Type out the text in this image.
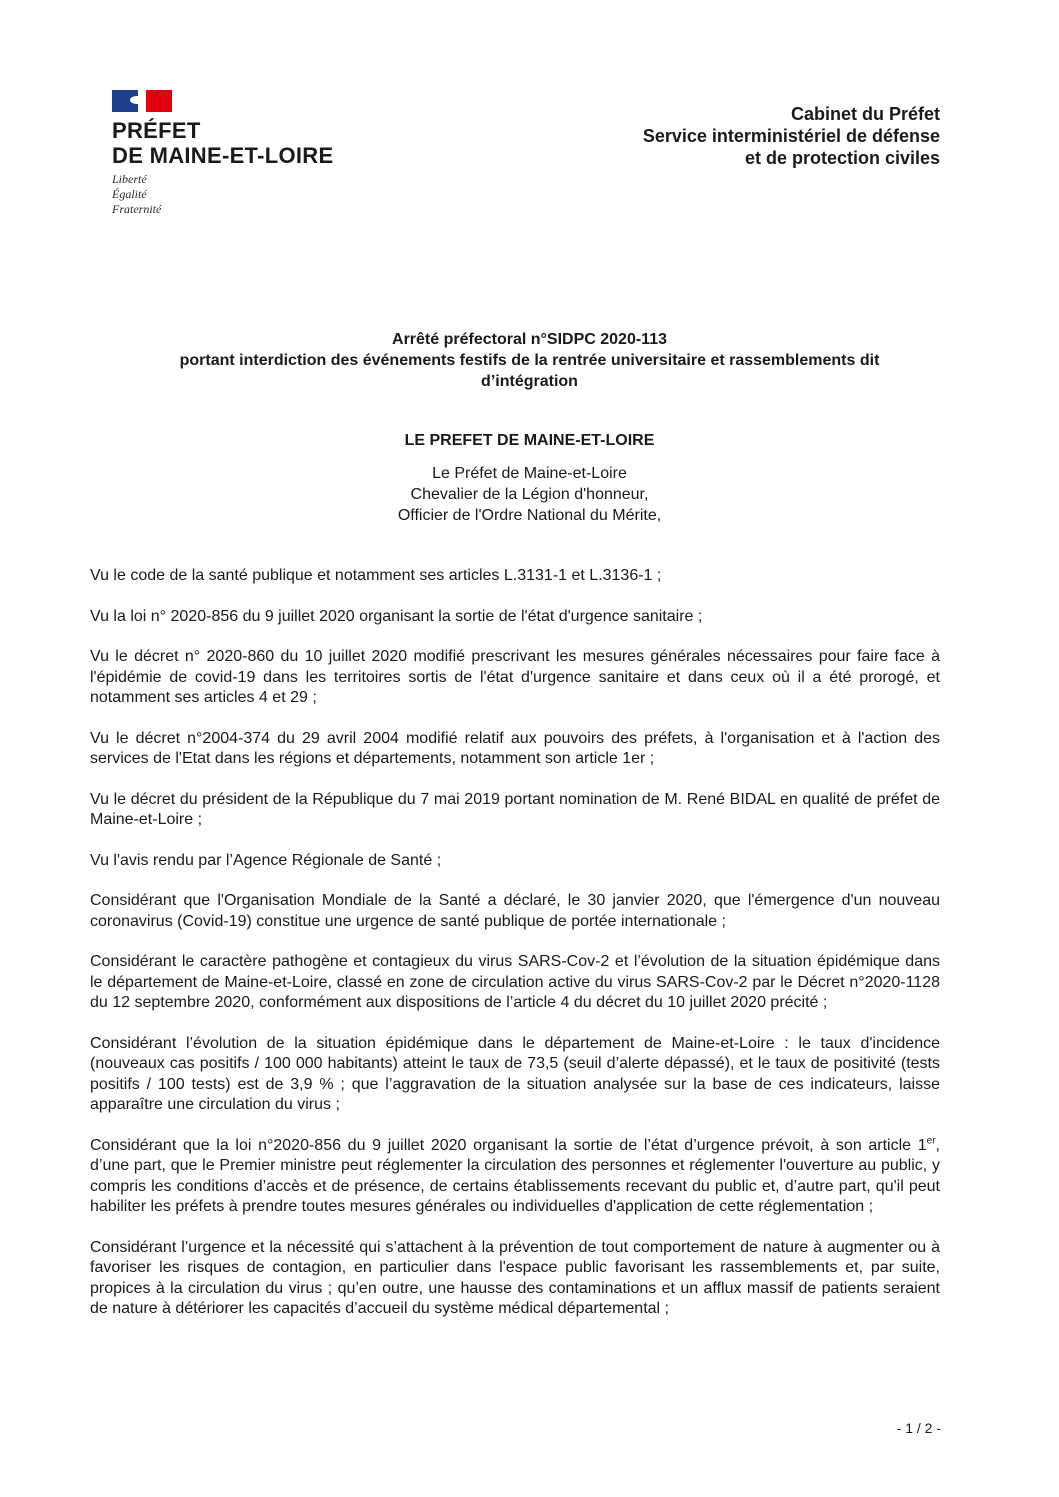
PRÉFET
DE MAINE-ET-LOIRE
Liberté
Égalité
Fraternité
Cabinet du Préfet
Service interministériel de défense
et de protection civiles
Arrêté préfectoral n°SIDPC 2020-113
portant interdiction des événements festifs de la rentrée universitaire et rassemblements dit
d’intégration
LE PREFET DE MAINE-ET-LOIRE
Le Préfet de Maine-et-Loire
Chevalier de la Légion d'honneur,
Officier de l'Ordre National du Mérite,

Vu le code de la santé publique et notamment ses articles L.3131-1 et L.3136-1 ;

Vu la loi n° 2020-856 du 9 juillet 2020 organisant la sortie de l'état d'urgence sanitaire ;

Vu le décret n° 2020-860 du 10 juillet 2020 modifié prescrivant les mesures générales nécessaires pour faire face à l'épidémie de covid-19 dans les territoires sortis de l'état d'urgence sanitaire et dans ceux où il a été prorogé, et notamment ses articles 4 et 29 ;

Vu le décret n°2004-374 du 29 avril 2004 modifié relatif aux pouvoirs des préfets, à l'organisation et à l'action des services de l'Etat dans les régions et départements, notamment son article 1er ;

Vu le décret du président de la République du 7 mai 2019 portant nomination de M. René BIDAL en qualité de préfet de Maine-et-Loire ;

Vu l'avis rendu par l’Agence Régionale de Santé ;

Considérant que l'Organisation Mondiale de la Santé a déclaré, le 30 janvier 2020, que l'émergence d'un nouveau coronavirus (Covid-19) constitue une urgence de santé publique de portée internationale ;

Considérant le caractère pathogène et contagieux du virus SARS-Cov-2 et l’évolution de la situation épidémique dans le département de Maine-et-Loire, classé en zone de circulation active du virus SARS-Cov-2 par le Décret n°2020-1128 du 12 septembre 2020, conformément aux dispositions de l’article 4 du décret du 10 juillet 2020 précité ;

Considérant l’évolution de la situation épidémique dans le département de Maine-et-Loire : le taux d'incidence (nouveaux cas positifs / 100 000 habitants) atteint le taux de 73,5 (seuil d’alerte dépassé), et le taux de positivité (tests positifs / 100 tests) est de 3,9 % ; que l’aggravation de la situation analysée sur la base de ces indicateurs, laisse apparaître une circulation du virus ;

Considérant que la loi n°2020-856 du 9 juillet 2020 organisant la sortie de l’état d’urgence prévoit, à son article 1er, d’une part, que le Premier ministre peut réglementer la circulation des personnes et réglementer l'ouverture au public, y compris les conditions d’accès et de présence, de certains établissements recevant du public et, d’autre part, qu'il peut habiliter les préfets à prendre toutes mesures générales ou individuelles d'application de cette réglementation ;

Considérant l’urgence et la nécessité qui s’attachent à la prévention de tout comportement de nature à augmenter ou à favoriser les risques de contagion, en particulier dans l'espace public favorisant les rassemblements et, par suite, propices à la circulation du virus ; qu’en outre, une hausse des contaminations et un afflux massif de patients seraient de nature à détériorer les capacités d’accueil du système médical départemental ;

- 1 / 2 -
